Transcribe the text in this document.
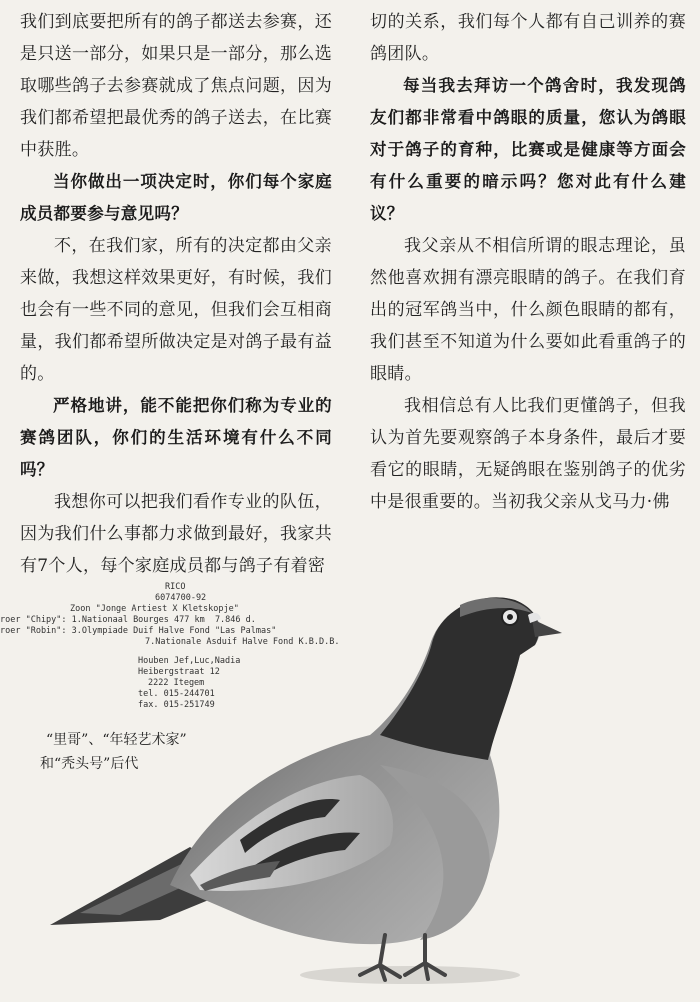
我们到底要把所有的鸽子都送去参赛，还是只送一部分，如果只是一部分，那么选取哪些鸽子去参赛就成了焦点问题，因为我们都希望把最优秀的鸽子送去，在比赛中获胜。

当你做出一项决定时，你们每个家庭成员都要参与意见吗？

不，在我们家，所有的决定都由父亲来做，我想这样效果更好，有时候，我们也会有一些不同的意见，但我们会互相商量，我们都希望所做决定是对鸽子最有益的。

严格地讲，能不能把你们称为专业的赛鸽团队，你们的生活环境有什么不同吗？

我想你可以把我们看作专业的队伍，因为我们什么事都力求做到最好，我家共有7个人，每个家庭成员都与鸽子有着密

切的关系，我们每个人都有自己训养的赛鸽团队。

每当我去拜访一个鸽舍时，我发现鸽友们都非常看中鸽眼的质量，您认为鸽眼对于鸽子的育种，比赛或是健康等方面会有什么重要的暗示吗？您对此有什么建议？

我父亲从不相信所谓的眼志理论，虽然他喜欢拥有漂亮眼睛的鸽子。在我们育出的冠军鸽当中，什么颜色眼睛的都有，我们甚至不知道为什么要如此看重鸽子的眼睛。

我相信总有人比我们更懂鸽子，但我认为首先要观察鸽子本身条件，最后才要看它的眼睛，无疑鸽眼在鉴别鸽子的优劣中是很重要的。当初我父亲从戈马力·佛

RICO
6074700-92
Zoon "Jonge Artiest X Kletskopje"
roer "Chipy": 1.Nationaal Bourges 477 km  7.846 d.
roer "Robin": 3.Olympiade Duif Halve Fond "Las Palmas"
7.Nationale Asduif Halve Fond K.B.D.B.
Houben Jef,Luc,Nadia
Heibergstraat 12
2222 Itegem
tel. 015-244701
fax. 015-251749
“里哥”、“年轻艺术家”
和“秃头号”后代
